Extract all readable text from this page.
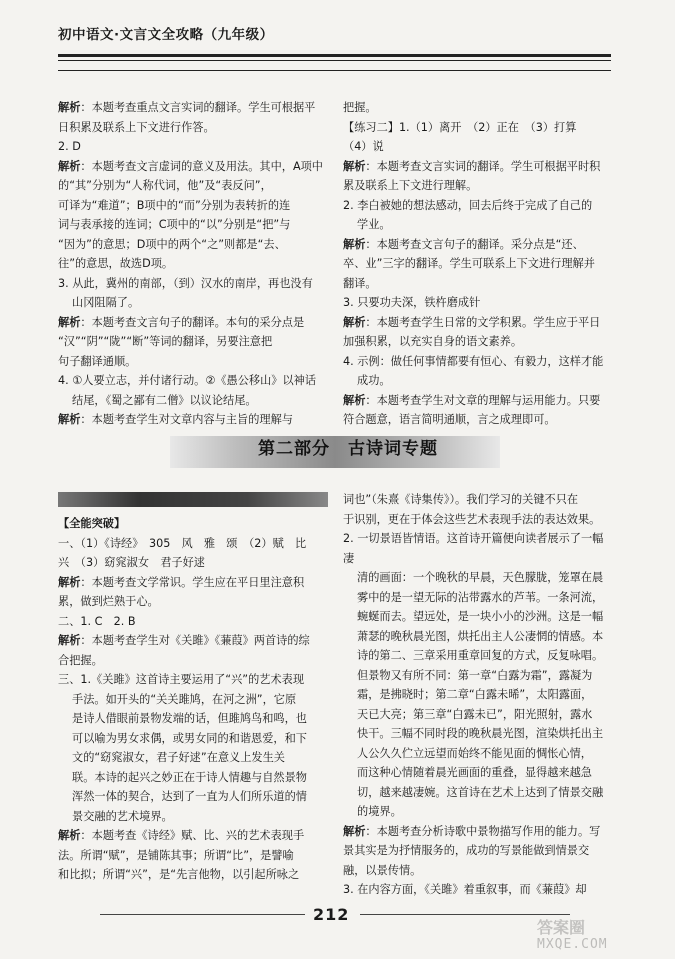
初中语文·文言文全攻略（九年级）

解析：本题考查重点文言实词的翻译。学生可根据平

日积累及联系上下文进行作答。

2. D

解析：本题考查文言虚词的意义及用法。其中，A项中

的“其”分别为“人称代词，他”及“表反问”，

可译为“难道”；B项中的“而”分别为表转折的连

词与表承接的连词；C项中的“以”分别是“把”与

“因为”的意思；D项中的两个“之”则都是“去、

往”的意思，故选D项。

3. 从此，冀州的南部，（到）汉水的南岸，再也没有

山冈阻隔了。

解析：本题考查文言句子的翻译。本句的采分点是

“汉”“阴”“陇”“断”等词的翻译，另要注意把

句子翻译通顺。

4. ①人要立志，并付诸行动。②《愚公移山》以神话

结尾，《蜀之鄙有二僧》以议论结尾。

解析：本题考查学生对文章内容与主旨的理解与

把握。

【练习二】1.（1）离开　（2）正在　（3）打算

（4）说

解析：本题考查文言实词的翻译。学生可根据平时积

累及联系上下文进行理解。

2. 李白被她的想法感动，回去后终于完成了自己的

学业。

解析：本题考查文言句子的翻译。采分点是“还、

卒、业”三字的翻译。学生可联系上下文进行理解并

翻译。

3. 只要功夫深，铁杵磨成针

解析：本题考查学生日常的文学积累。学生应于平日

加强积累，以充实自身的语文素养。

4. 示例：做任何事情都要有恒心、有毅力，这样才能

成功。

解析：本题考查学生对文章的理解与运用能力。只要

符合题意，语言简明通顺，言之成理即可。

第二部分　古诗词专题

【全能突破】

一、（1）《诗经》　305　风　雅　颂　（2）赋　比

兴　（3）窈窕淑女　君子好逑

解析：本题考查文学常识。学生应在平日里注意积

累，做到烂熟于心。

二、1. C　2. B

解析：本题考查学生对《关雎》《蒹葭》两首诗的综

合把握。

三、1.《关雎》这首诗主要运用了“兴”的艺术表现

手法。如开头的“关关雎鸠，在河之洲”，它原

是诗人借眼前景物发端的话，但雎鸠鸟和鸣，也

可以喻为男女求偶，或男女同的和谐恩爱，和下

文的“窈窕淑女，君子好逑”在意义上发生关

联。本诗的起兴之妙正在于诗人情趣与自然景物

浑然一体的契合，达到了一直为人们所乐道的情

景交融的艺术境界。

解析：本题考查《诗经》赋、比、兴的艺术表现手

法。所谓“赋”，是铺陈其事；所谓“比”，是譬喻

和比拟；所谓“兴”，是“先言他物，以引起所咏之

词也”（朱熹《诗集传》）。我们学习的关键不只在

于识别，更在于体会这些艺术表现手法的表达效果。

2. 一切景语皆情语。这首诗开篇便向读者展示了一幅凄

清的画面：一个晚秋的早晨，天色朦胧，笼罩在晨

雾中的是一望无际的沾带露水的芦苇。一条河流，

蜿蜒而去。望远处，是一块小小的沙洲。这是一幅

萧瑟的晚秋晨光图，烘托出主人公凄惘的情感。本

诗的第二、三章采用重章回复的方式，反复咏唱。

但景物又有所不同：第一章“白露为霜”，露凝为

霜，是拂晓时；第二章“白露未晞”，太阳露面，

天已大亮；第三章“白露未已”，阳光照射，露水

快干。三幅不同时段的晚秋晨光图，渲染烘托出主

人公久久伫立远望而始终不能见面的惆怅心情，

而这种心情随着晨光画面的重叠，显得越来越急

切，越来越凄婉。这首诗在艺术上达到了情景交融

的境界。

解析：本题考查分析诗歌中景物描写作用的能力。写

景其实是为抒情服务的，成功的写景能做到情景交

融，以景传情。

3. 在内容方面，《关雎》着重叙事，而《蒹葭》却

212
答案圈
MXQE.COM
